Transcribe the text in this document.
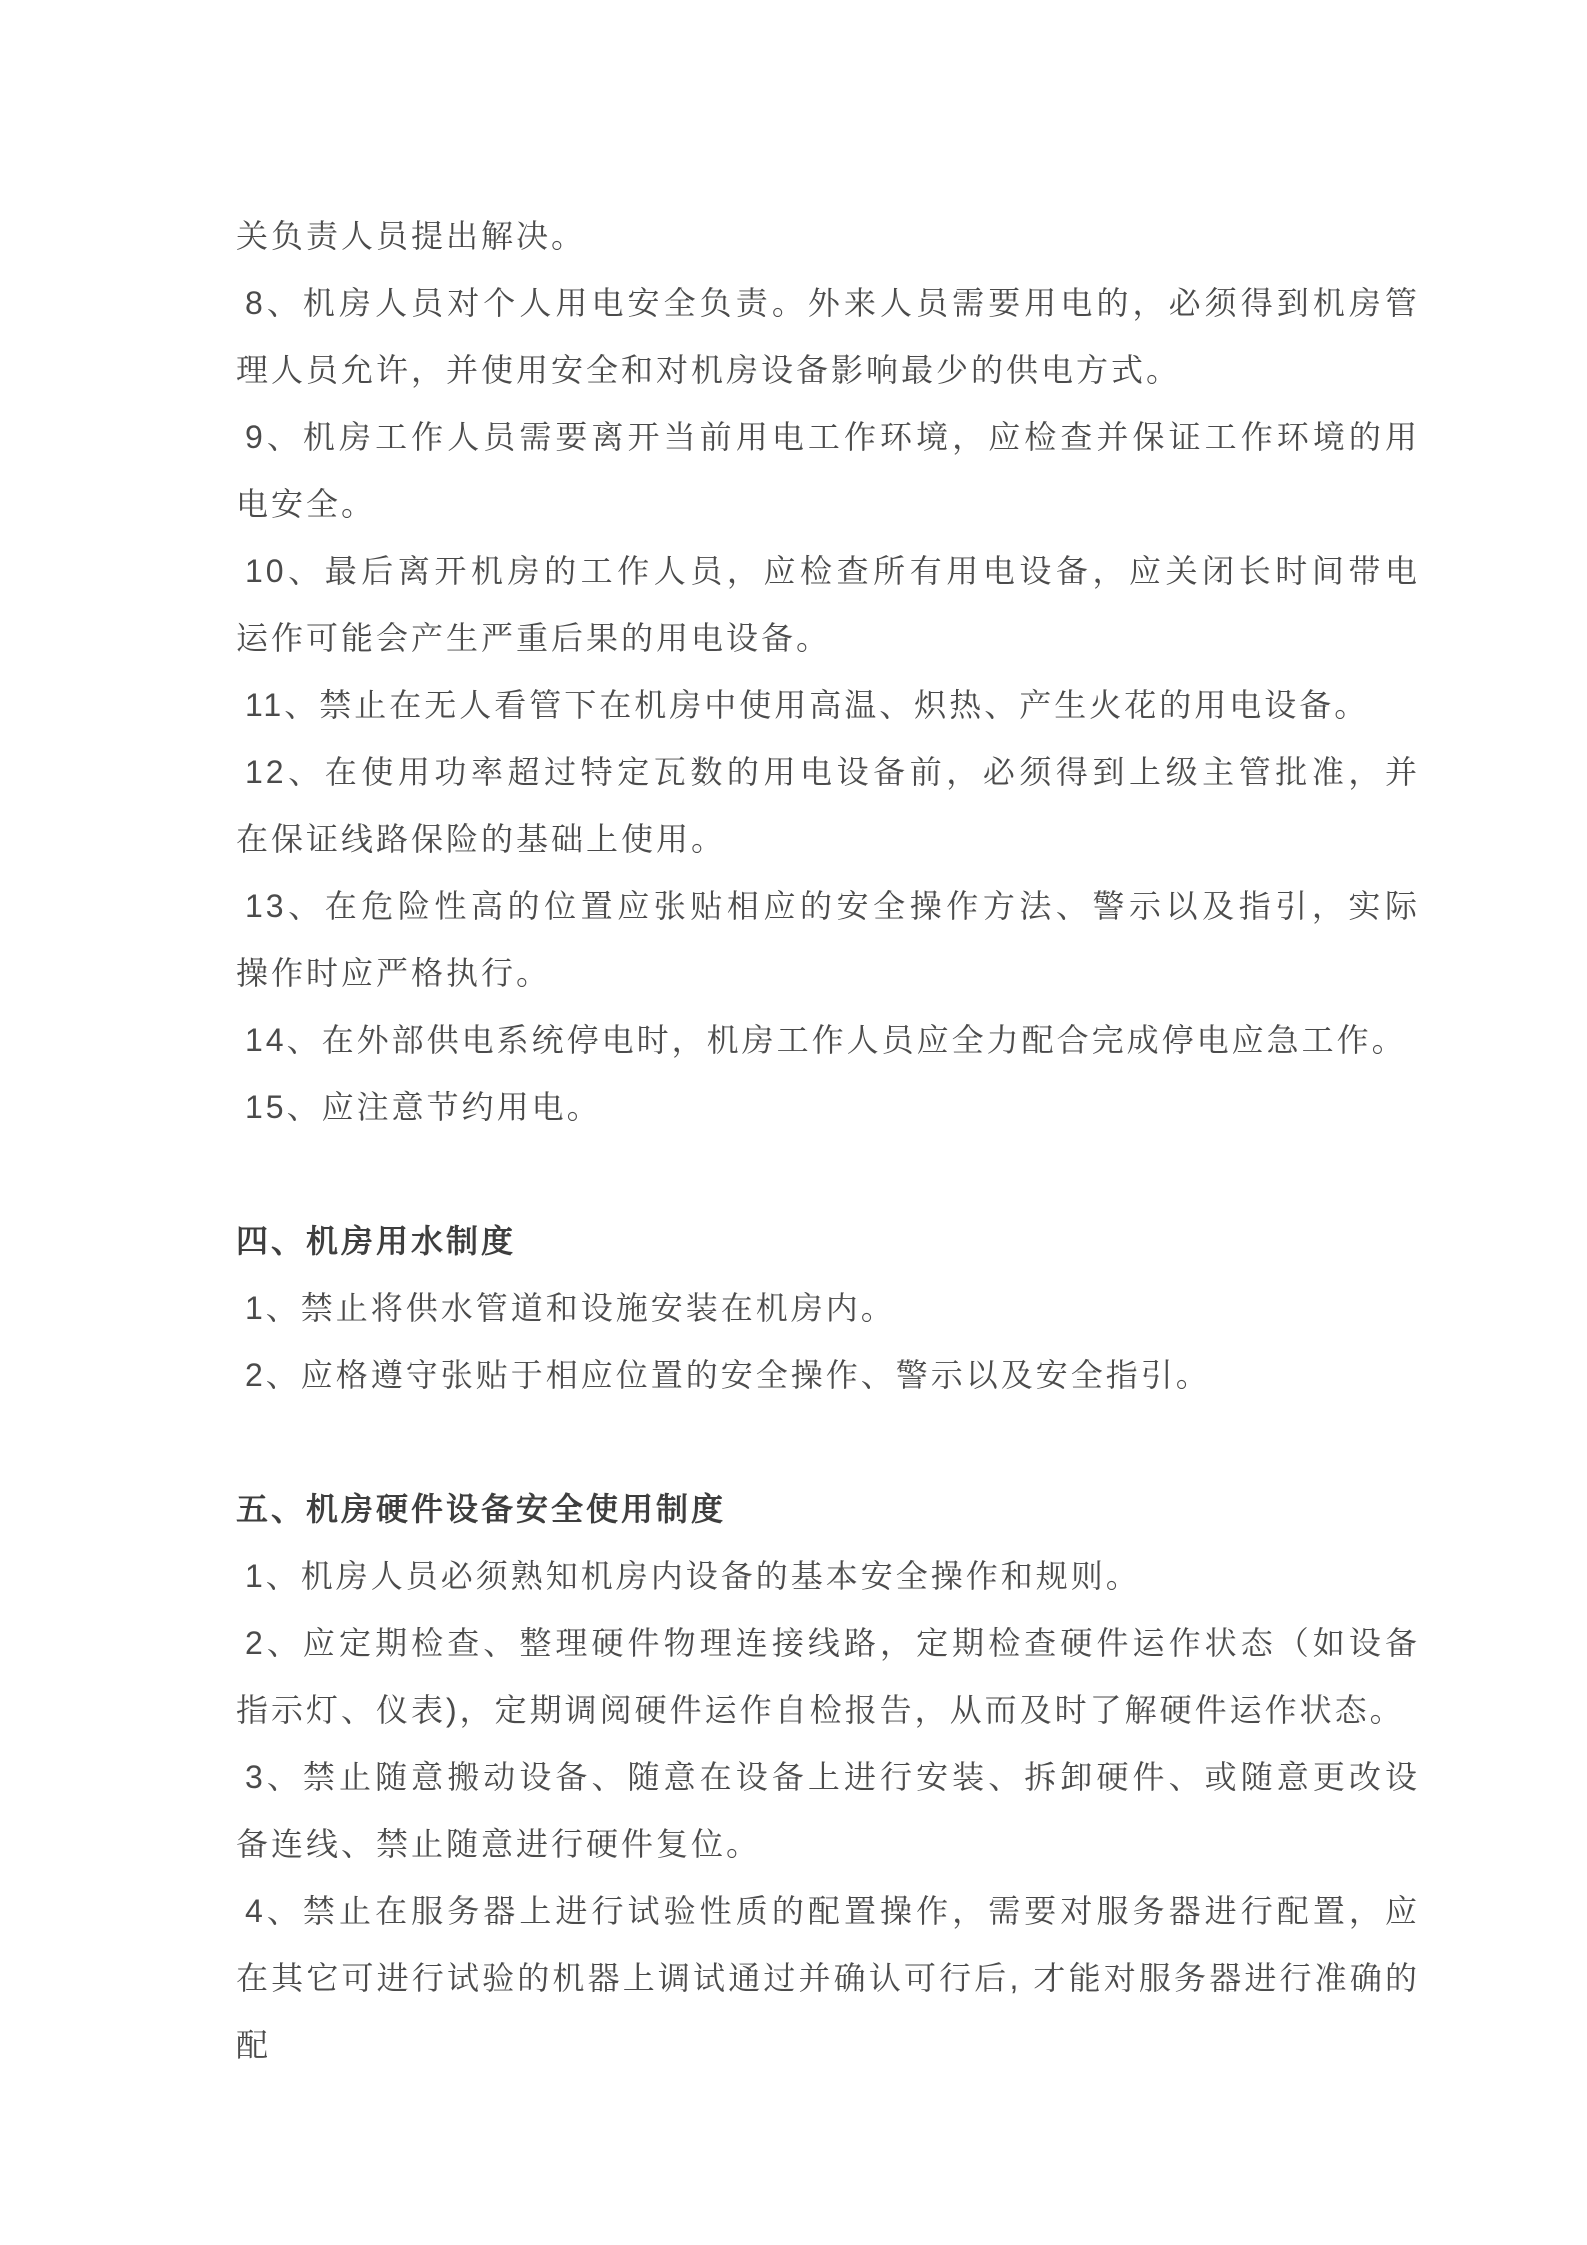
关负责人员提出解决。
8、机房人员对个人用电安全负责。外来人员需要用电的，必须得到机房管
理人员允许，并使用安全和对机房设备影响最少的供电方式。
9、机房工作人员需要离开当前用电工作环境，应检查并保证工作环境的用
电安全。
10、最后离开机房的工作人员，应检查所有用电设备，应关闭长时间带电
运作可能会产生严重后果的用电设备。
11、禁止在无人看管下在机房中使用高温、炽热、产生火花的用电设备。
12、在使用功率超过特定瓦数的用电设备前，必须得到上级主管批准，并
在保证线路保险的基础上使用。
13、在危险性高的位置应张贴相应的安全操作方法、警示以及指引，实际
操作时应严格执行。
14、在外部供电系统停电时，机房工作人员应全力配合完成停电应急工作。
15、应注意节约用电。
四、机房用水制度
1、禁止将供水管道和设施安装在机房内。
2、应格遵守张贴于相应位置的安全操作、警示以及安全指引。
五、机房硬件设备安全使用制度
1、机房人员必须熟知机房内设备的基本安全操作和规则。
2、应定期检查、整理硬件物理连接线路，定期检查硬件运作状态（如设备
指示灯、仪表)，定期调阅硬件运作自检报告，从而及时了解硬件运作状态。
3、禁止随意搬动设备、随意在设备上进行安装、拆卸硬件、或随意更改设
备连线、禁止随意进行硬件复位。
4、禁止在服务器上进行试验性质的配置操作，需要对服务器进行配置，应
在其它可进行试验的机器上调试通过并确认可行后, 才能对服务器进行准确的配
